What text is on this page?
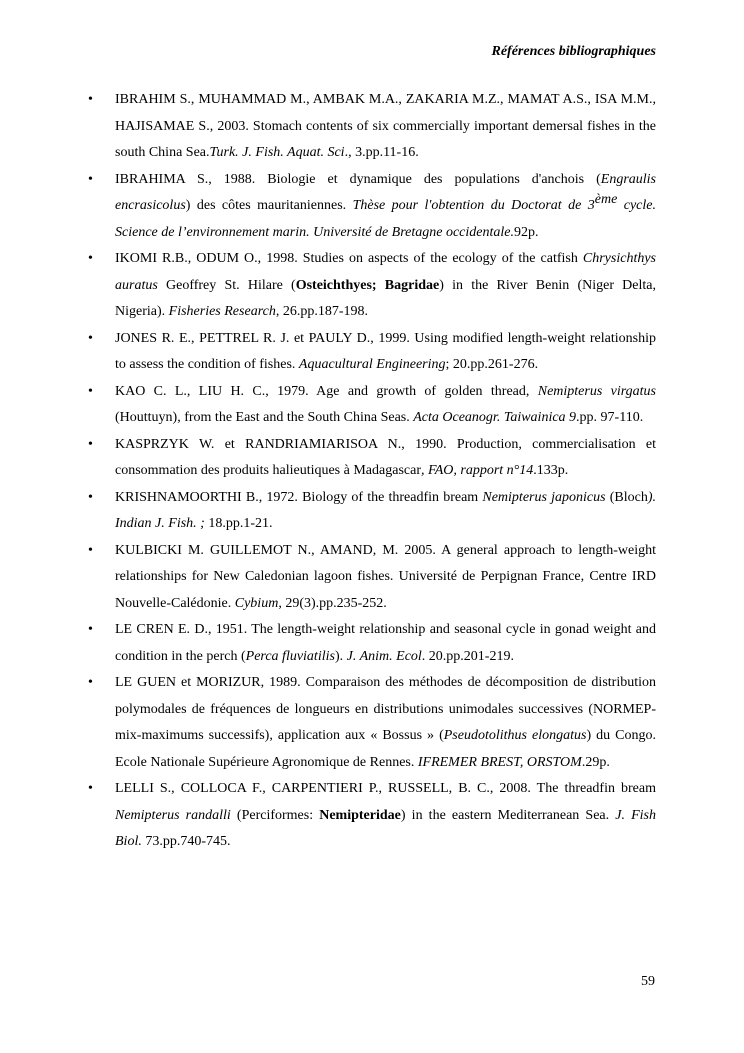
Références bibliographiques
• IBRAHIM S., MUHAMMAD M., AMBAK M.A., ZAKARIA M.Z., MAMAT A.S., ISA M.M., HAJISAMAE S., 2003. Stomach contents of six commercially important demersal fishes in the south China Sea.Turk. J. Fish. Aquat. Sci., 3.pp.11-16.
• IBRAHIMA S., 1988. Biologie et dynamique des populations d'anchois (Engraulis encrasicolus) des côtes mauritaniennes. Thèse pour l'obtention du Doctorat de 3ème cycle. Science de l’environnement marin. Université de Bretagne occidentale.92p.
• IKOMI R.B., ODUM O., 1998. Studies on aspects of the ecology of the catfish Chrysichthys auratus Geoffrey St. Hilare (Osteichthyes; Bagridae) in the River Benin (Niger Delta, Nigeria). Fisheries Research, 26.pp.187-198.
• JONES R. E., PETTREL R. J. et PAULY D., 1999. Using modified length-weight relationship to assess the condition of fishes. Aquacultural Engineering; 20.pp.261-276.
• KAO C. L., LIU H. C., 1979. Age and growth of golden thread, Nemipterus virgatus (Houttuyn), from the East and the South China Seas. Acta Oceanogr. Taiwainica 9.pp. 97-110.
• KASPRZYK W. et RANDRIAMIARISOA N., 1990. Production, commercialisation et consommation des produits halieutiques à Madagascar, FAO, rapport n°14.133p.
• KRISHNAMOORTHI B., 1972. Biology of the threadfin bream Nemipterus japonicus (Bloch). Indian J. Fish. ; 18.pp.1-21.
• KULBICKI M. GUILLEMOT N., AMAND, M. 2005. A general approach to length-weight relationships for New Caledonian lagoon fishes. Université de Perpignan France, Centre IRD Nouvelle-Calédonie. Cybium, 29(3).pp.235-252.
• LE CREN E. D., 1951. The length-weight relationship and seasonal cycle in gonad weight and condition in the perch (Perca fluviatilis). J. Anim. Ecol. 20.pp.201-219.
• LE GUEN et MORIZUR, 1989. Comparaison des méthodes de décomposition de distribution polymodales de fréquences de longueurs en distributions unimodales successives (NORMEP-mix-maximums successifs), application aux « Bossus » (Pseudotolithus elongatus) du Congo. Ecole Nationale Supérieure Agronomique de Rennes. IFREMER BREST, ORSTOM.29p.
• LELLI S., COLLOCA F., CARPENTIERI P., RUSSELL, B. C., 2008. The threadfin bream Nemipterus randalli (Perciformes: Nemipteridae) in the eastern Mediterranean Sea. J. Fish Biol. 73.pp.740-745.
59
